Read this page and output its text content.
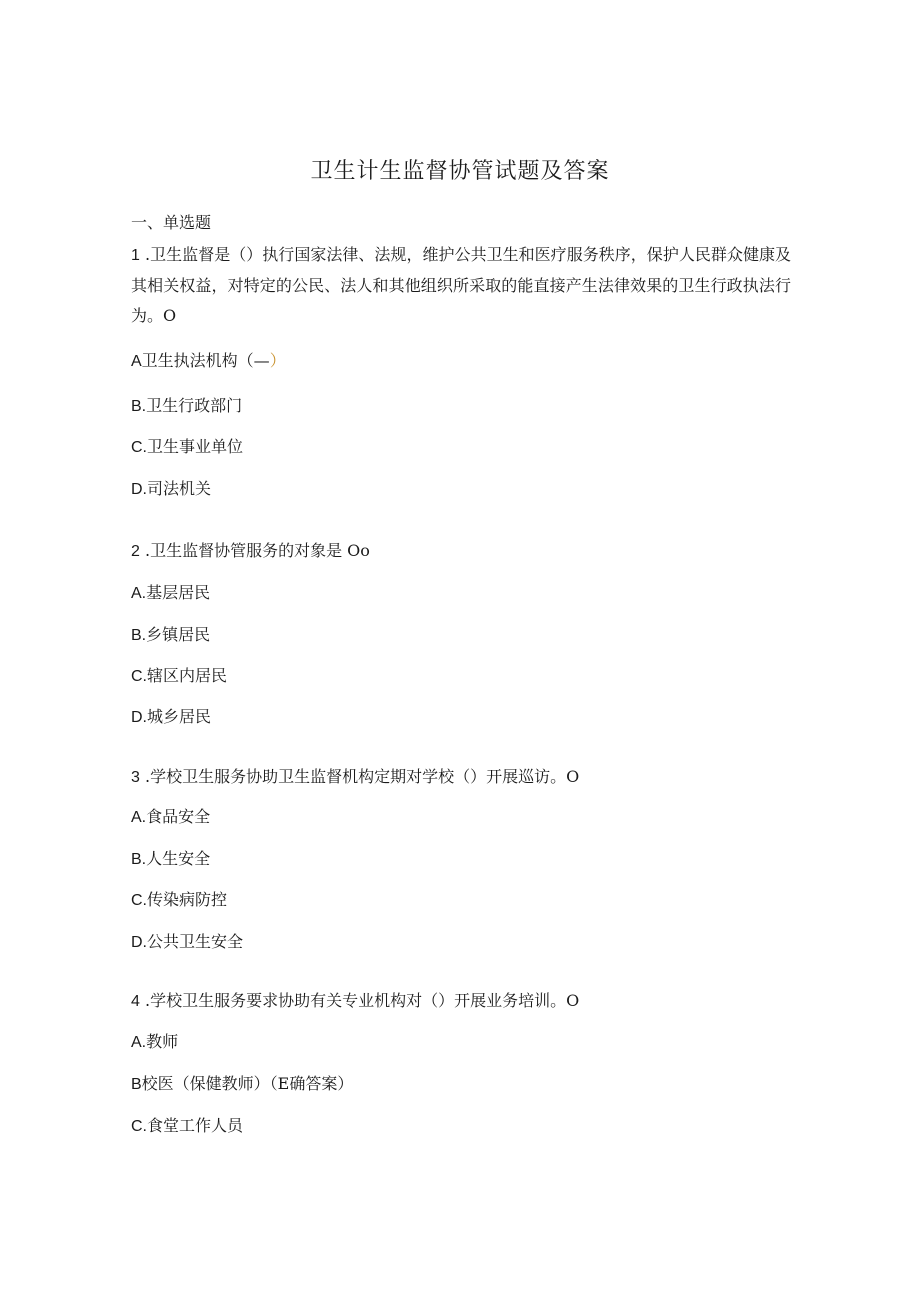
卫生计生监督协管试题及答案
一、单选题
1 .卫生监督是（）执行国家法律、法规，维护公共卫生和医疗服务秩序，保护人民群众健康及其相关权益，对特定的公民、法人和其他组织所采取的能直接产生法律效果的卫生行政执法行为。O
A卫生执法机构（—）
B.卫生行政部门
C.卫生事业单位
D.司法机关
2 .卫生监督协管服务的对象是 Oo
A.基层居民
B.乡镇居民
C.辖区内居民
D.城乡居民
3 .学校卫生服务协助卫生监督机构定期对学校（）开展巡访。O
A.食品安全
B.人生安全
C.传染病防控
D.公共卫生安全
4 .学校卫生服务要求协助有关专业机构对（）开展业务培训。O
A.教师
B校医（保健教师）（E确答案）
C.食堂工作人员
